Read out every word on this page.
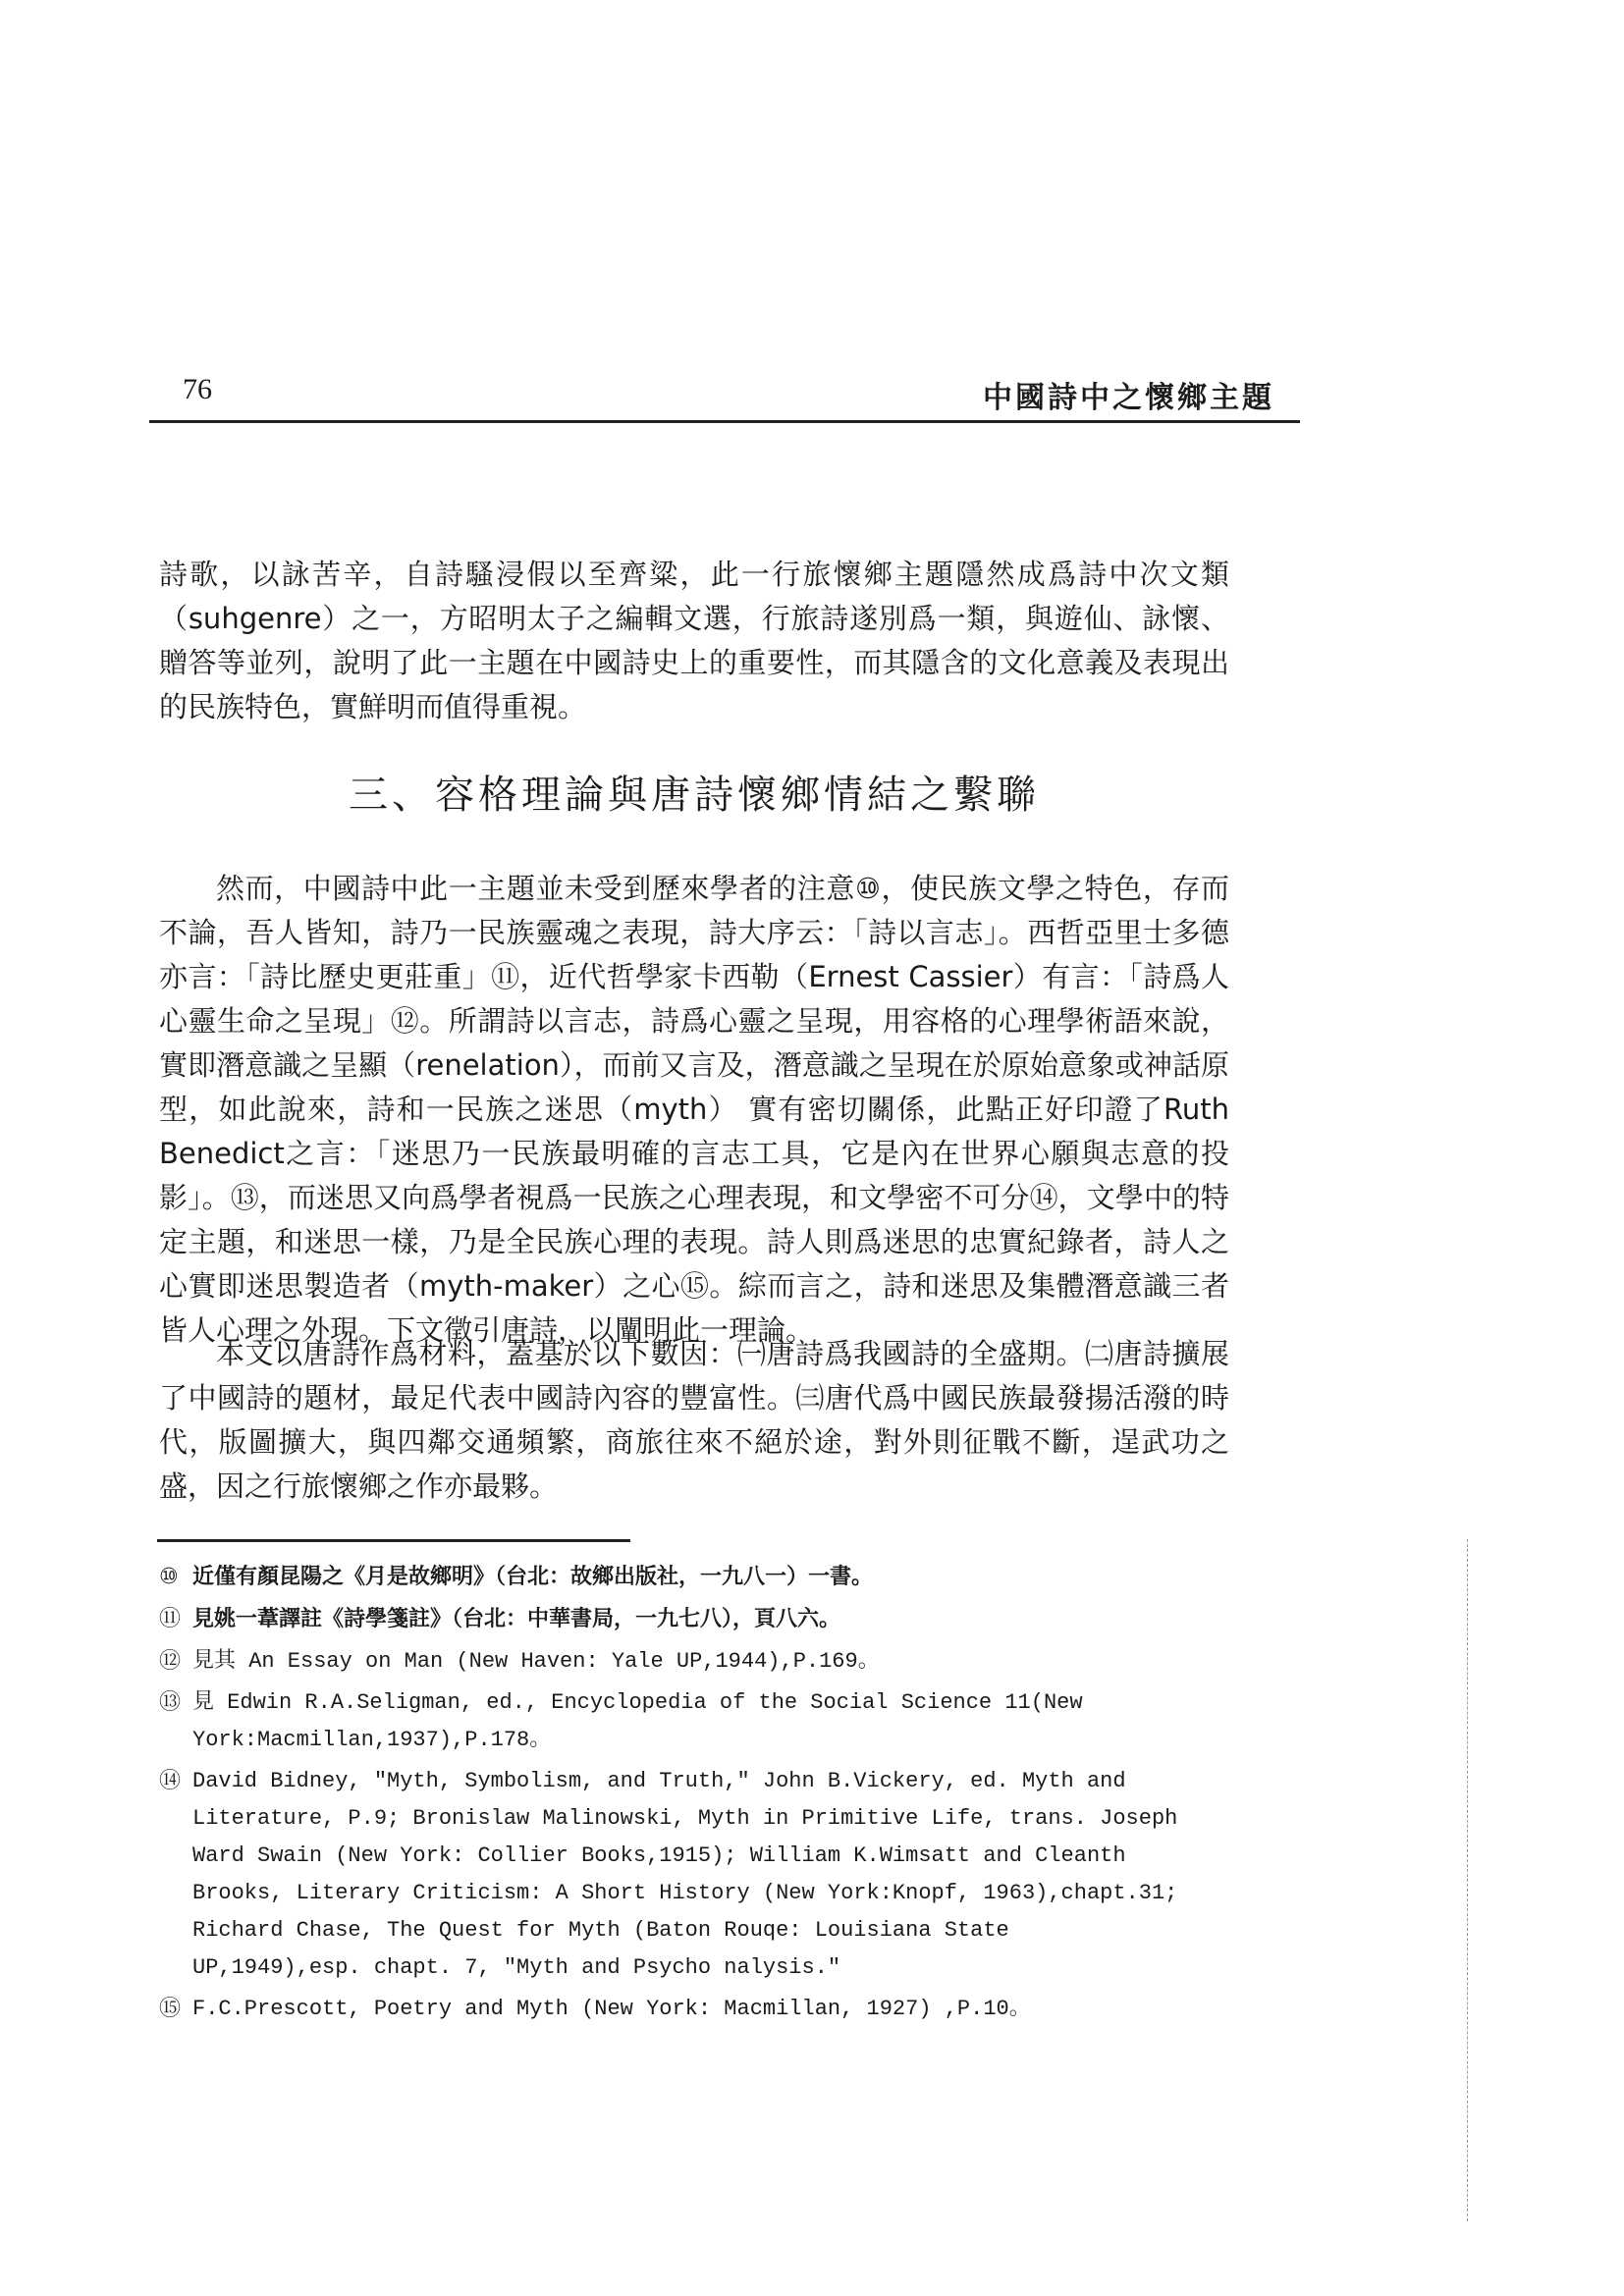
76	中國詩中之懷鄉主題

詩歌，以詠苦辛，自詩騷浸假以至齊粱，此一行旅懷鄉主題隱然成爲詩中次文類（suhgenre）之一，方昭明太子之編輯文選，行旅詩遂別爲一類，與遊仙、詠懷、贈答等並列，說明了此一主題在中國詩史上的重要性，而其隱含的文化意義及表現出的民族特色，實鮮明而值得重視。

三、容格理論與唐詩懷鄉情結之繫聯

然而，中國詩中此一主題並未受到歷來學者的注意⑩，使民族文學之特色，存而不論，吾人皆知，詩乃一民族靈魂之表現，詩大序云：「詩以言志」。西哲亞里士多德亦言：「詩比歷史更莊重」⑪，近代哲學家卡西勒（Ernest Cassier）有言：「詩爲人心靈生命之呈現」⑫。所謂詩以言志，詩爲心靈之呈現，用容格的心理學術語來說，實即潛意識之呈顯（renelation），而前又言及，潛意識之呈現在於原始意象或神話原型，如此說來，詩和一民族之迷思（myth） 實有密切關係，此點正好印證了Ruth Benedict之言：「迷思乃一民族最明確的言志工具，它是內在世界心願與志意的投影」。⑬，而迷思又向爲學者視爲一民族之心理表現，和文學密不可分⑭，文學中的特定主題，和迷思一樣，乃是全民族心理的表現。詩人則爲迷思的忠實紀錄者，詩人之心實即迷思製造者（myth-maker）之心⑮。綜而言之，詩和迷思及集體潛意識三者皆人心理之外現。下文徵引唐詩，以闡明此一理論。

本文以唐詩作爲材料，蓋基於以下數因：㈠唐詩爲我國詩的全盛期。㈡唐詩擴展了中國詩的題材，最足代表中國詩內容的豐富性。㈢唐代爲中國民族最發揚活潑的時代，版圖擴大，與四鄰交通頻繁，商旅往來不絕於途，對外則征戰不斷，逞武功之盛，因之行旅懷鄉之作亦最夥。

⑩ 近僅有顏昆陽之《月是故鄉明》（台北：故鄉出版社，一九八一）一書。
⑪ 見姚一葦譯註《詩學箋註》（台北：中華書局，一九七八），頁八六。
⑫ 見其 An Essay on Man (New Haven: Yale UP,1944),P.169。
⑬ 見 Edwin R.A.Seligman, ed., Encyclopedia of the Social Science 11(New York:Macmillan,1937),P.178。
⑭ David Bidney, "Myth, Symbolism, and Truth," John B.Vickery, ed. Myth and Literature, P.9; Bronislaw Malinowski, Myth in Primitive Life, trans. Joseph Ward Swain (New York: Collier Books,1915); William K.Wimsatt and Cleanth Brooks, Literary Criticism: A Short History (New York:Knopf, 1963),chapt.31; Richard Chase, The Quest for Myth (Baton Rouqe: Louisiana State UP,1949),esp. chapt. 7, "Myth and Psycho nalysis."
⑮ F.C.Prescott, Poetry and Myth (New York: Macmillan, 1927) ,P.10。
